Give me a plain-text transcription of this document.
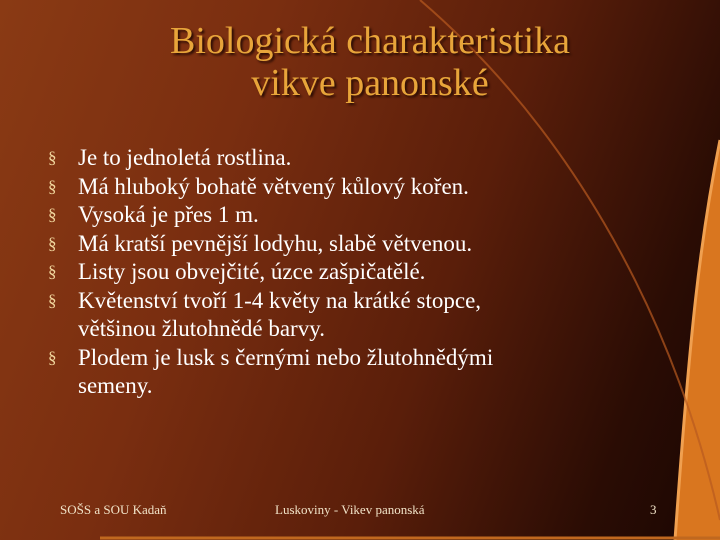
Biologická charakteristika
vikve panonské
§ Je to jednoletá rostlina.
§ Má hluboký bohatě větvený kůlový kořen.
§ Vysoká je přes 1 m.
§ Má kratší pevnější lodyhu, slabě větvenou.
§ Listy jsou obvejčité, úzce zašpičatělé.
§ Květenství tvoří 1-4 květy na krátké stopce,
většinou žlutohnědé barvy.
§ Plodem je lusk s černými nebo žlutohnědými
semeny.
SOŠS a SOU Kadaň	Luskoviny - Vikev panonská	3
